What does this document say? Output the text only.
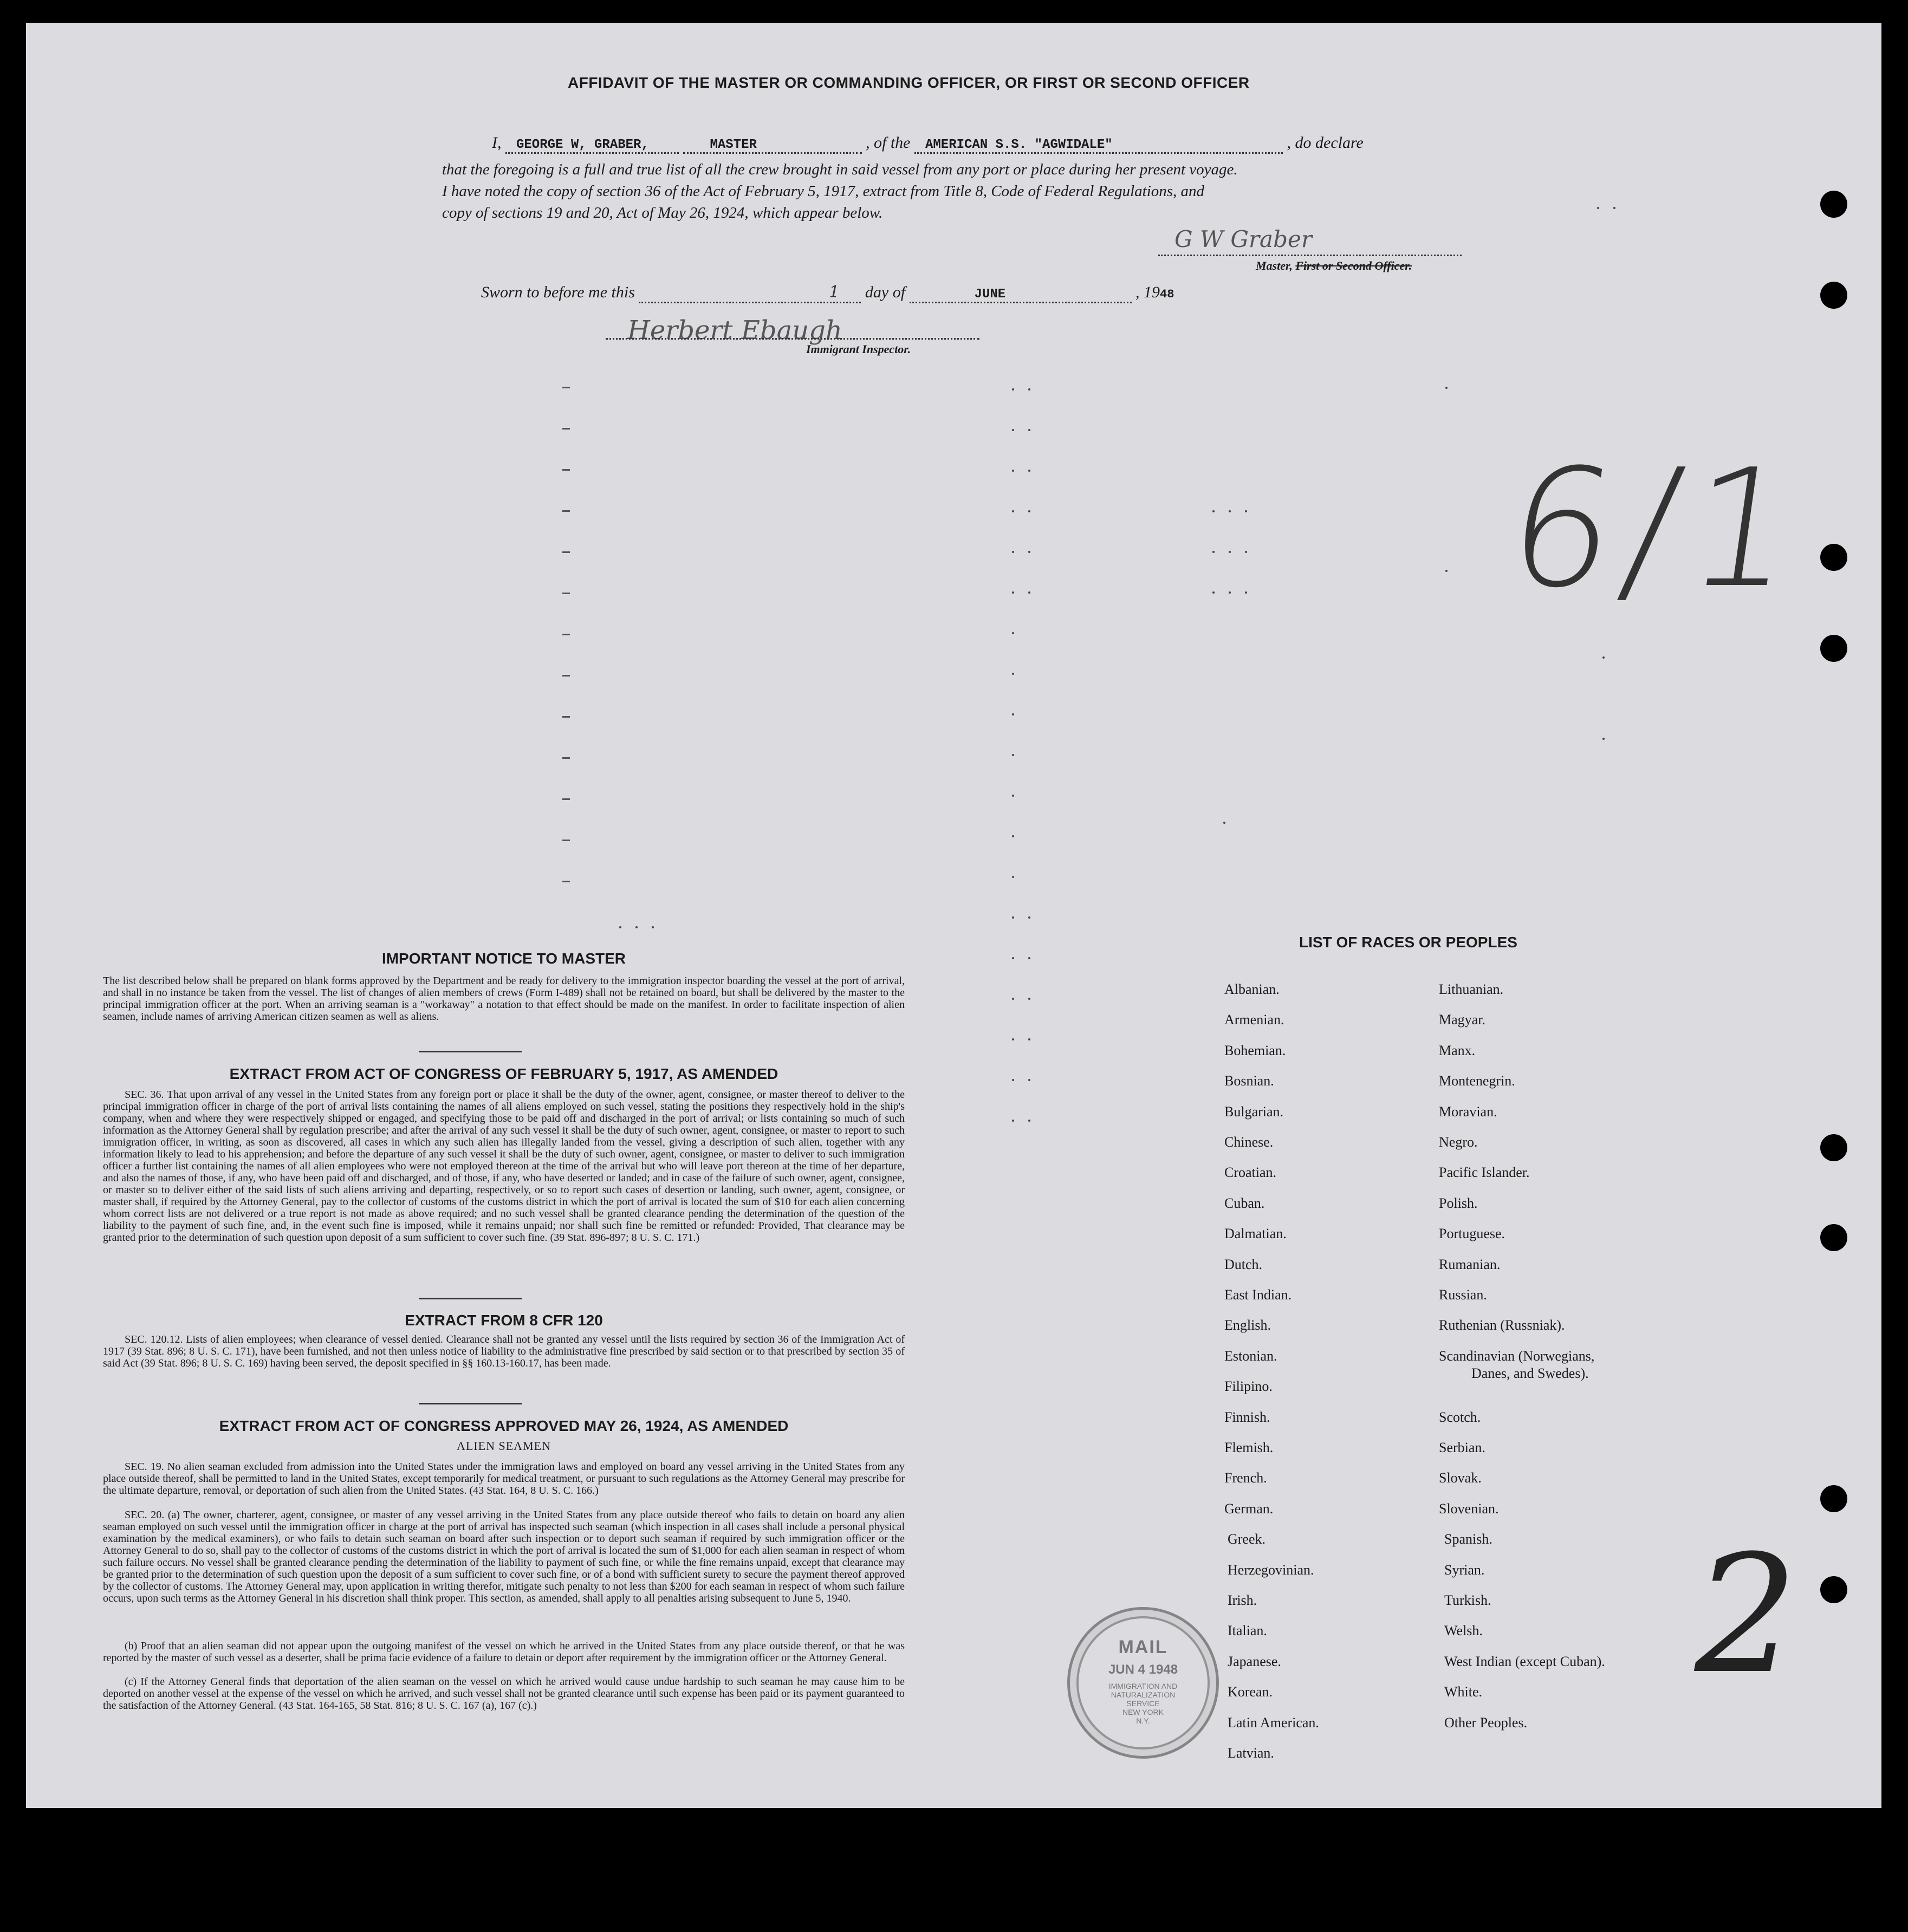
AFFIDAVIT OF THE MASTER OR COMMANDING OFFICER, OR FIRST OR SECOND OFFICER
I, GEORGE W, GRABER,	MASTER	, of the AMERICAN S.S. "AGWIDALE"	, do declare
that the foregoing is a full and true list of all the crew brought in said vessel from any port or place during her present voyage.
I have noted the copy of section 36 of the Act of February 5, 1917, extract from Title 8, Code of Federal Regulations, and
copy of sections 19 and 20, Act of May 26, 1924, which appear below.
G W Graber
Master, First or Second Officer.
Sworn to before me this	1 day of	JUNE	, 1948
Herbert Ebaugh
Immigrant Inspector.
6/1
IMPORTANT NOTICE TO MASTER
The list described below shall be prepared on blank forms approved by the Department and be ready for delivery to the immigration inspector boarding the vessel at the port of arrival, and shall in no instance be taken from the vessel. The list of changes of alien members of crews (Form I-489) shall not be retained on board, but shall be delivered by the master to the principal immigration officer at the port. When an arriving seaman is a "workaway" a notation to that effect should be made on the manifest. In order to facilitate inspection of alien seamen, include names of arriving American citizen seamen as well as aliens.
EXTRACT FROM ACT OF CONGRESS OF FEBRUARY 5, 1917, AS AMENDED
SEC. 36. That upon arrival of any vessel in the United States from any foreign port or place it shall be the duty of the owner, agent, consignee, or master thereof to deliver to the principal immigration officer in charge of the port of arrival lists containing the names of all aliens employed on such vessel, stating the positions they respectively hold in the ship's company, when and where they were respectively shipped or engaged, and specifying those to be paid off and discharged in the port of arrival; or lists containing so much of such information as the Attorney General shall by regulation prescribe; and after the arrival of any such vessel it shall be the duty of such owner, agent, consignee, or master to report to such immigration officer, in writing, as soon as discovered, all cases in which any such alien has illegally landed from the vessel, giving a description of such alien, together with any information likely to lead to his apprehension; and before the departure of any such vessel it shall be the duty of such owner, agent, consignee, or master to deliver to such immigration officer a further list containing the names of all alien employees who were not employed thereon at the time of the arrival but who will leave port thereon at the time of her departure, and also the names of those, if any, who have been paid off and discharged, and of those, if any, who have deserted or landed; and in case of the failure of such owner, agent, consignee, or master so to deliver either of the said lists of such aliens arriving and departing, respectively, or so to report such cases of desertion or landing, such owner, agent, consignee, or master shall, if required by the Attorney General, pay to the collector of customs of the customs district in which the port of arrival is located the sum of $10 for each alien concerning whom correct lists are not delivered or a true report is not made as above required; and no such vessel shall be granted clearance pending the determination of the question of the liability to the payment of such fine, and, in the event such fine is imposed, while it remains unpaid; nor shall such fine be remitted or refunded: Provided, That clearance may be granted prior to the determination of such question upon deposit of a sum sufficient to cover such fine. (39 Stat. 896-897; 8 U. S. C. 171.)
EXTRACT FROM 8 CFR 120
SEC. 120.12. Lists of alien employees; when clearance of vessel denied. Clearance shall not be granted any vessel until the lists required by section 36 of the Immigration Act of 1917 (39 Stat. 896; 8 U. S. C. 171), have been furnished, and not then unless notice of liability to the administrative fine prescribed by said section or to that prescribed by section 35 of said Act (39 Stat. 896; 8 U. S. C. 169) having been served, the deposit specified in §§ 160.13-160.17, has been made.
EXTRACT FROM ACT OF CONGRESS APPROVED MAY 26, 1924, AS AMENDED
ALIEN SEAMEN
SEC. 19. No alien seaman excluded from admission into the United States under the immigration laws and employed on board any vessel arriving in the United States from any place outside thereof, shall be permitted to land in the United States, except temporarily for medical treatment, or pursuant to such regulations as the Attorney General may prescribe for the ultimate departure, removal, or deportation of such alien from the United States. (43 Stat. 164, 8 U. S. C. 166.)
SEC. 20. (a) The owner, charterer, agent, consignee, or master of any vessel arriving in the United States from any place outside thereof who fails to detain on board any alien seaman employed on such vessel until the immigration officer in charge at the port of arrival has inspected such seaman (which inspection in all cases shall include a personal physical examination by the medical examiners), or who fails to detain such seaman on board after such inspection or to deport such seaman if required by such immigration officer or the Attorney General to do so, shall pay to the collector of customs of the customs district in which the port of arrival is located the sum of $1,000 for each alien seaman in respect of whom such failure occurs. No vessel shall be granted clearance pending the determination of the liability to payment of such fine, or while the fine remains unpaid, except that clearance may be granted prior to the determination of such question upon the deposit of a sum sufficient to cover such fine, or of a bond with sufficient surety to secure the payment thereof approved by the collector of customs. The Attorney General may, upon application in writing therefor, mitigate such penalty to not less than $200 for each seaman in respect of whom such failure occurs, upon such terms as the Attorney General in his discretion shall think proper. This section, as amended, shall apply to all penalties arising subsequent to June 5, 1940.
(b) Proof that an alien seaman did not appear upon the outgoing manifest of the vessel on which he arrived in the United States from any place outside thereof, or that he was reported by the master of such vessel as a deserter, shall be prima facie evidence of a failure to detain or deport after requirement by the immigration officer or the Attorney General.
(c) If the Attorney General finds that deportation of the alien seaman on the vessel on which he arrived would cause undue hardship to such seaman he may cause him to be deported on another vessel at the expense of the vessel on which he arrived, and such vessel shall not be granted clearance until such expense has been paid or its payment guaranteed to the satisfaction of the Attorney General. (43 Stat. 164-165, 58 Stat. 816; 8 U. S. C. 167 (a), 167 (c).)
LIST OF RACES OR PEOPLES
Albanian.
Armenian.
Bohemian.
Bosnian.
Bulgarian.
Chinese.
Croatian.
Cuban.
Dalmatian.
Dutch.
East Indian.
English.
Estonian.
Filipino.
Finnish.
Flemish.
French.
German.
Greek.
Herzegovinian.
Irish.
Italian.
Japanese.
Korean.
Latin American.
Latvian.
Lithuanian.
Magyar.
Manx.
Montenegrin.
Moravian.
Negro.
Pacific Islander.
Polish.
Portuguese.
Rumanian.
Russian.
Ruthenian (Russniak).
Scandinavian (Norwegians,
Scotch.
Serbian.
Slovak.
Slovenian.
Spanish.
Syrian.
Turkish.
Welsh.
West Indian (except Cuban).
White.
Other Peoples.
Danes, and Swedes).
MAIL
JUN 4 1948
IMMIGRATION AND
NATURALIZATION
SERVICE
NEW YORK
N.Y.
2
